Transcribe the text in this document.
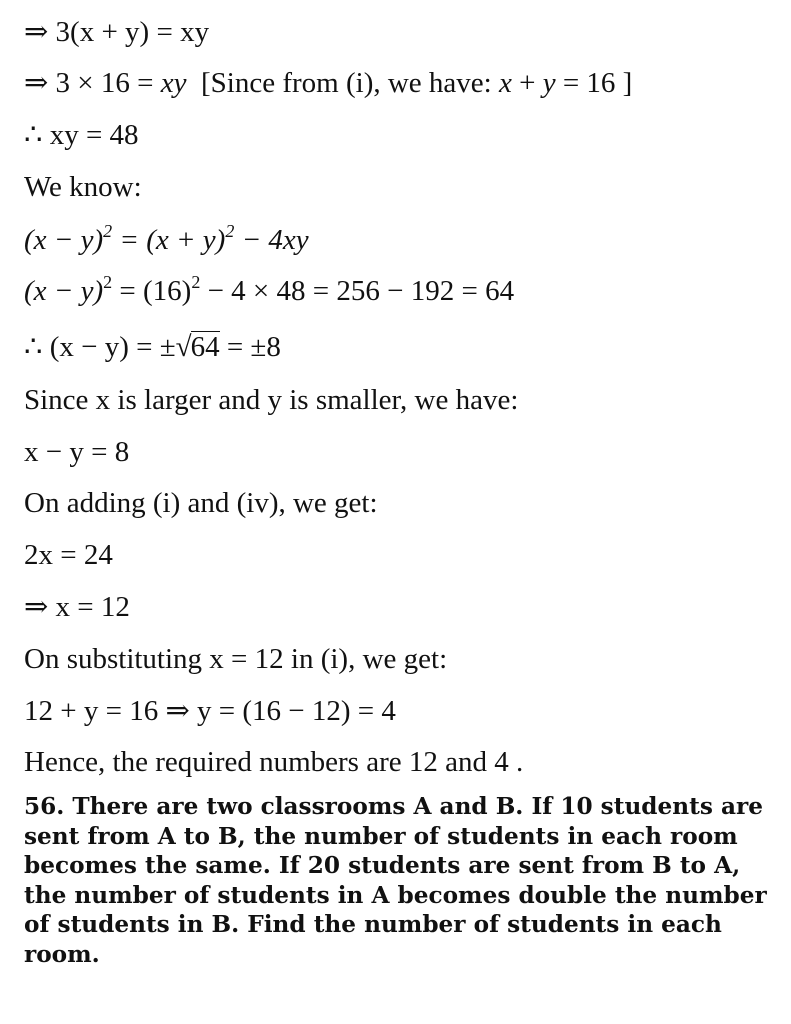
⇒ 3(x + y) = xy
⇒ 3 × 16 = xy  [Since from (i), we have: x + y = 16 ]
∴ xy = 48
We know:
$(x - y)^2 = (x + y)^2 - 4xy$
$(x - y)^2 = (16)^2 - 4 \times 48 = 256 - 192 = 64$
∴ (x − y) = ±√64 = ±8
Since x is larger and y is smaller, we have:
x − y = 8
On adding (i) and (iv), we get:
2x = 24
⇒ x = 12
On substituting x = 12 in (i), we get:
12 + y = 16 ⇒ y = (16 − 12) = 4
Hence, the required numbers are 12 and 4 .
56. There are two classrooms A and B. If 10 students are sent from A to B, the number of students in each room becomes the same. If 20 students are sent from B to A, the number of students in A becomes double the number of students in B. Find the number of students in each room.
